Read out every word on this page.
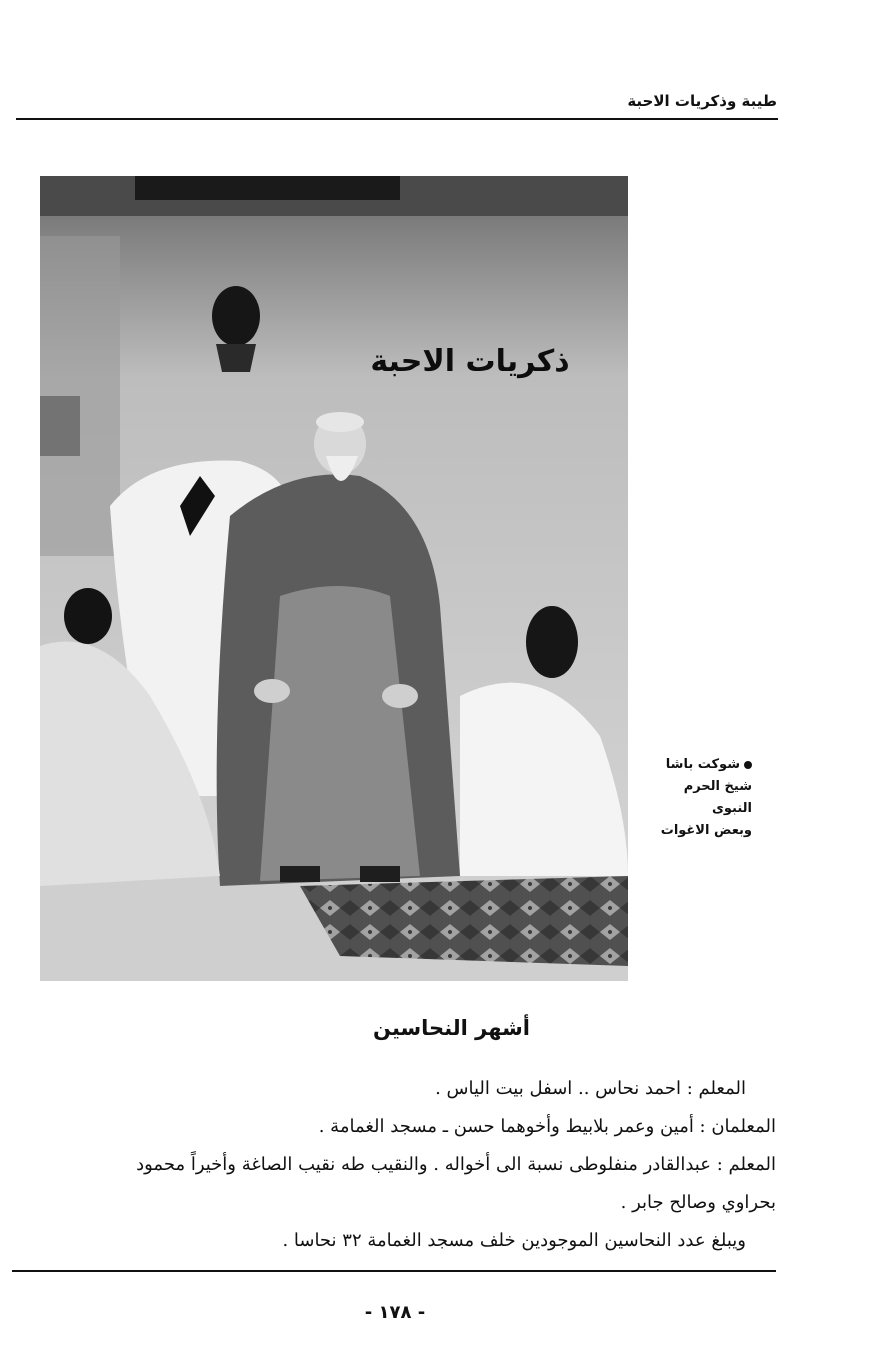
طيبة وذكريات الاحبة
ذكريات الاحبة
شوكت باشا
شيخ الحرم
النبوى
وبعض الاغوات
أشهر النحاسين
المعلم : احمد نحاس .. اسفل بيت الياس .
المعلمان : أمين وعمر بلابيط وأخوهما حسن ـ مسجد الغمامة .
المعلم : عبدالقادر منفلوطى نسبة الى أخواله . والنقيب طه نقيب الصاغة وأخيراً محمود
بحراوي وصالح جابر .
ويبلغ عدد النحاسين الموجودين خلف مسجد الغمامة ٣٢ نحاسا .
- ١٧٨ -
